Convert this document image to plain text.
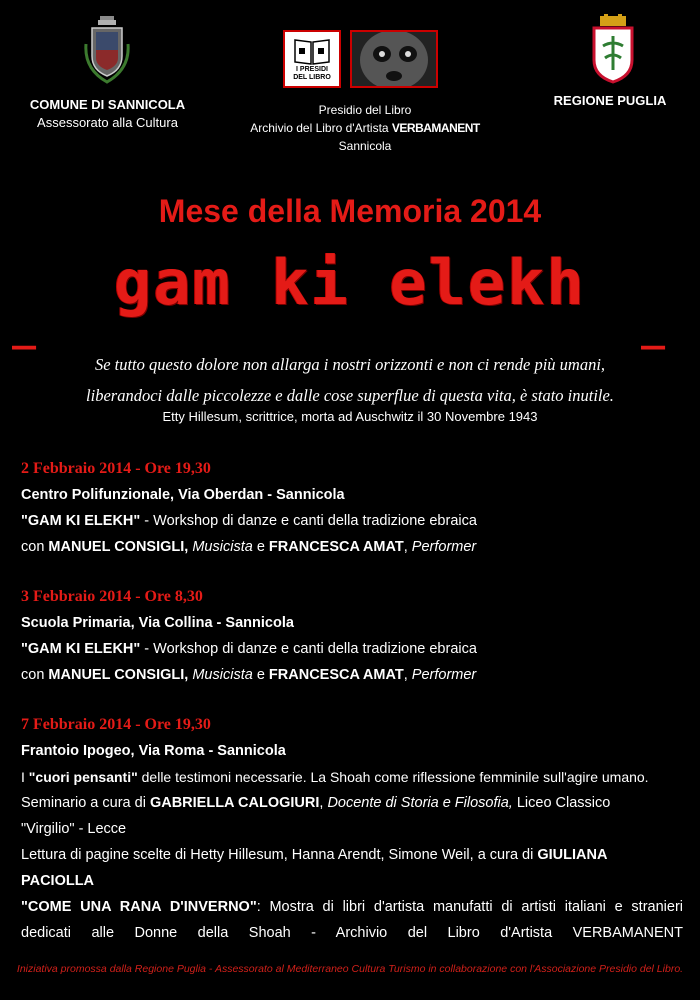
COMUNE DI SANNICOLA
Assessorato alla Cultura
I PRESIDI
DEL LIBRO
Presidio del Libro
Archivio del Libro d'Artista VERBAMANENT
Sannicola
REGIONE PUGLIA
Mese della Memoria 2014
gam ki elekh
_	_
Se tutto questo dolore non allarga i nostri orizzonti e non ci rende più umani,
liberandoci dalle piccolezze e dalle cose superflue di questa vita, è stato inutile.
Etty Hillesum, scrittrice, morta ad Auschwitz il 30 Novembre 1943
2 Febbraio 2014 - Ore 19,30
Centro Polifunzionale, Via Oberdan - Sannicola
"GAM KI ELEKH" - Workshop di danze e canti della tradizione ebraica
con MANUEL CONSIGLI, Musicista e FRANCESCA AMAT, Performer
3 Febbraio 2014 - Ore 8,30
Scuola Primaria, Via Collina - Sannicola
"GAM KI ELEKH" - Workshop di danze e canti della tradizione ebraica
con MANUEL CONSIGLI, Musicista e FRANCESCA AMAT, Performer
7 Febbraio 2014 - Ore 19,30
Frantoio Ipogeo, Via Roma - Sannicola
I "cuori pensanti" delle testimoni necessarie. La Shoah come riflessione femminile sull'agire umano.
Seminario a cura di GABRIELLA CALOGIURI, Docente di Storia e Filosofia, Liceo Classico
"Virgilio" - Lecce
Lettura di pagine scelte di Hetty Hillesum, Hanna Arendt, Simone Weil, a cura di GIULIANA
PACIOLLA
"COME UNA RANA D'INVERNO": Mostra di libri d'artista manufatti di artisti italiani e stranieri
dedicati alle Donne della Shoah - Archivio del Libro d'Artista VERBAMANENT
Iniziativa promossa dalla Regione Puglia - Assessorato al Mediterraneo Cultura Turismo in collaborazione con l'Associazione Presidio del Libro.
